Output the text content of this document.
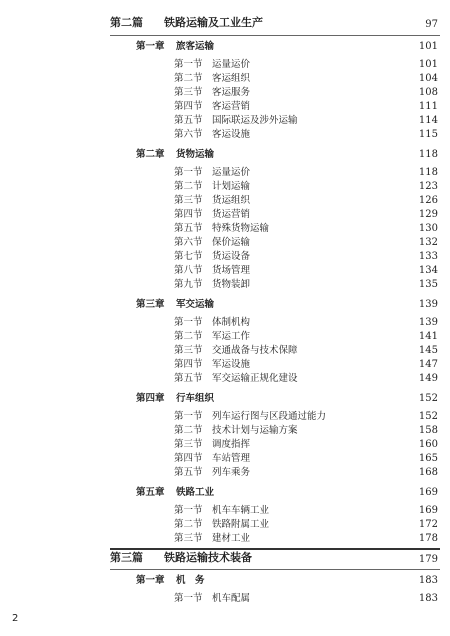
第二篇 铁路运输及工业生产	97
第一章 旅客运输	101
第一节 运量运价	101
第二节 客运组织	104
第三节 客运服务	108
第四节 客运营销	111
第五节 国际联运及涉外运输	114
第六节 客运设施	115
第二章 货物运输	118
第一节 运量运价	118
第二节 计划运输	123
第三节 货运组织	126
第四节 货运营销	129
第五节 特殊货物运输	130
第六节 保价运输	132
第七节 货运设备	133
第八节 货场管理	134
第九节 货物装卸	135
第三章 军交运输	139
第一节 体制机构	139
第二节 军运工作	141
第三节 交通战备与技术保障	145
第四节 军运设施	147
第五节 军交运输正规化建设	149
第四章 行车组织	152
第一节 列车运行图与区段通过能力	152
第二节 技术计划与运输方案	158
第三节 调度指挥	160
第四节 车站管理	165
第五节 列车乘务	168
第五章 铁路工业	169
第一节 机车车辆工业	169
第二节 铁路附属工业	172
第三节 建材工业	178
第三篇 铁路运输技术装备	179
第一章 机　务	183
第一节 机车配属	183
2
